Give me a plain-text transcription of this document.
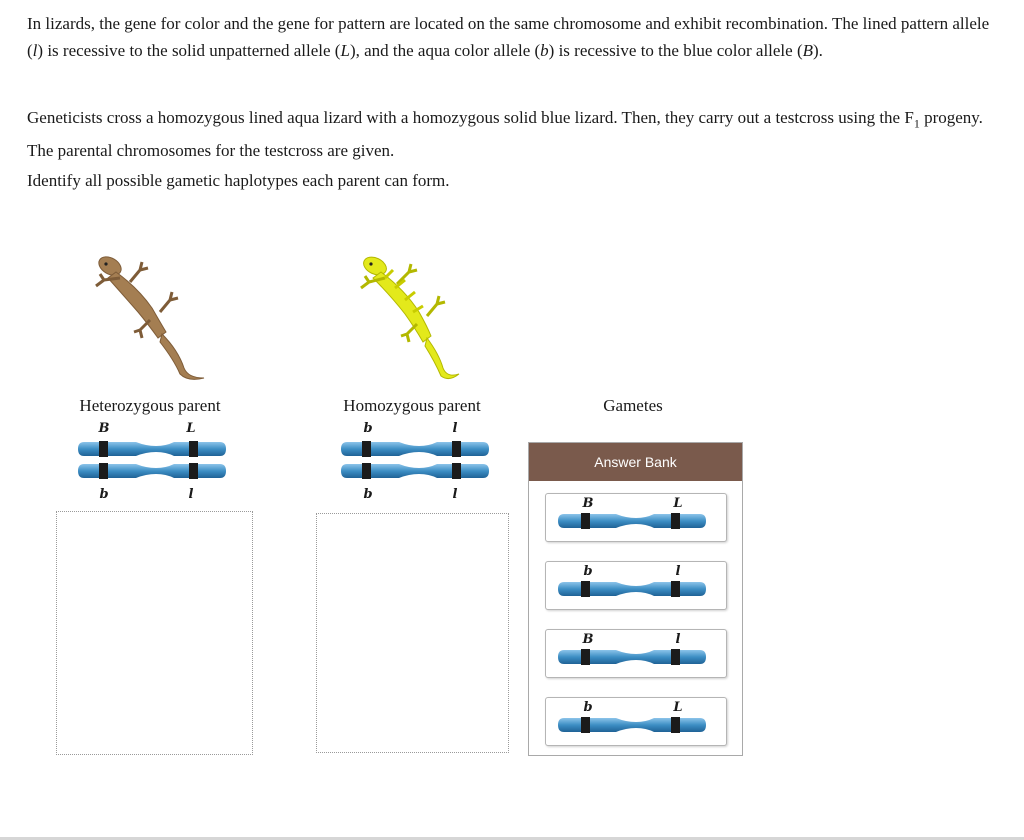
In lizards, the gene for color and the gene for pattern are located on the same chromosome and exhibit recombination. The lined pattern allele (l) is recessive to the solid unpatterned allele (L), and the aqua color allele (b) is recessive to the blue color allele (B).

Geneticists cross a homozygous lined aqua lizard with a homozygous solid blue lizard. Then, they carry out a testcross using the $F_1$ progeny. The parental chromosomes for the testcross are given.

Identify all possible gametic haplotypes each parent can form.

Heterozygous parent	Homozygous parent	Gametes
B	L
b	l
b	l
b	l
Answer Bank
B	L
b	l
B	l
b	L
